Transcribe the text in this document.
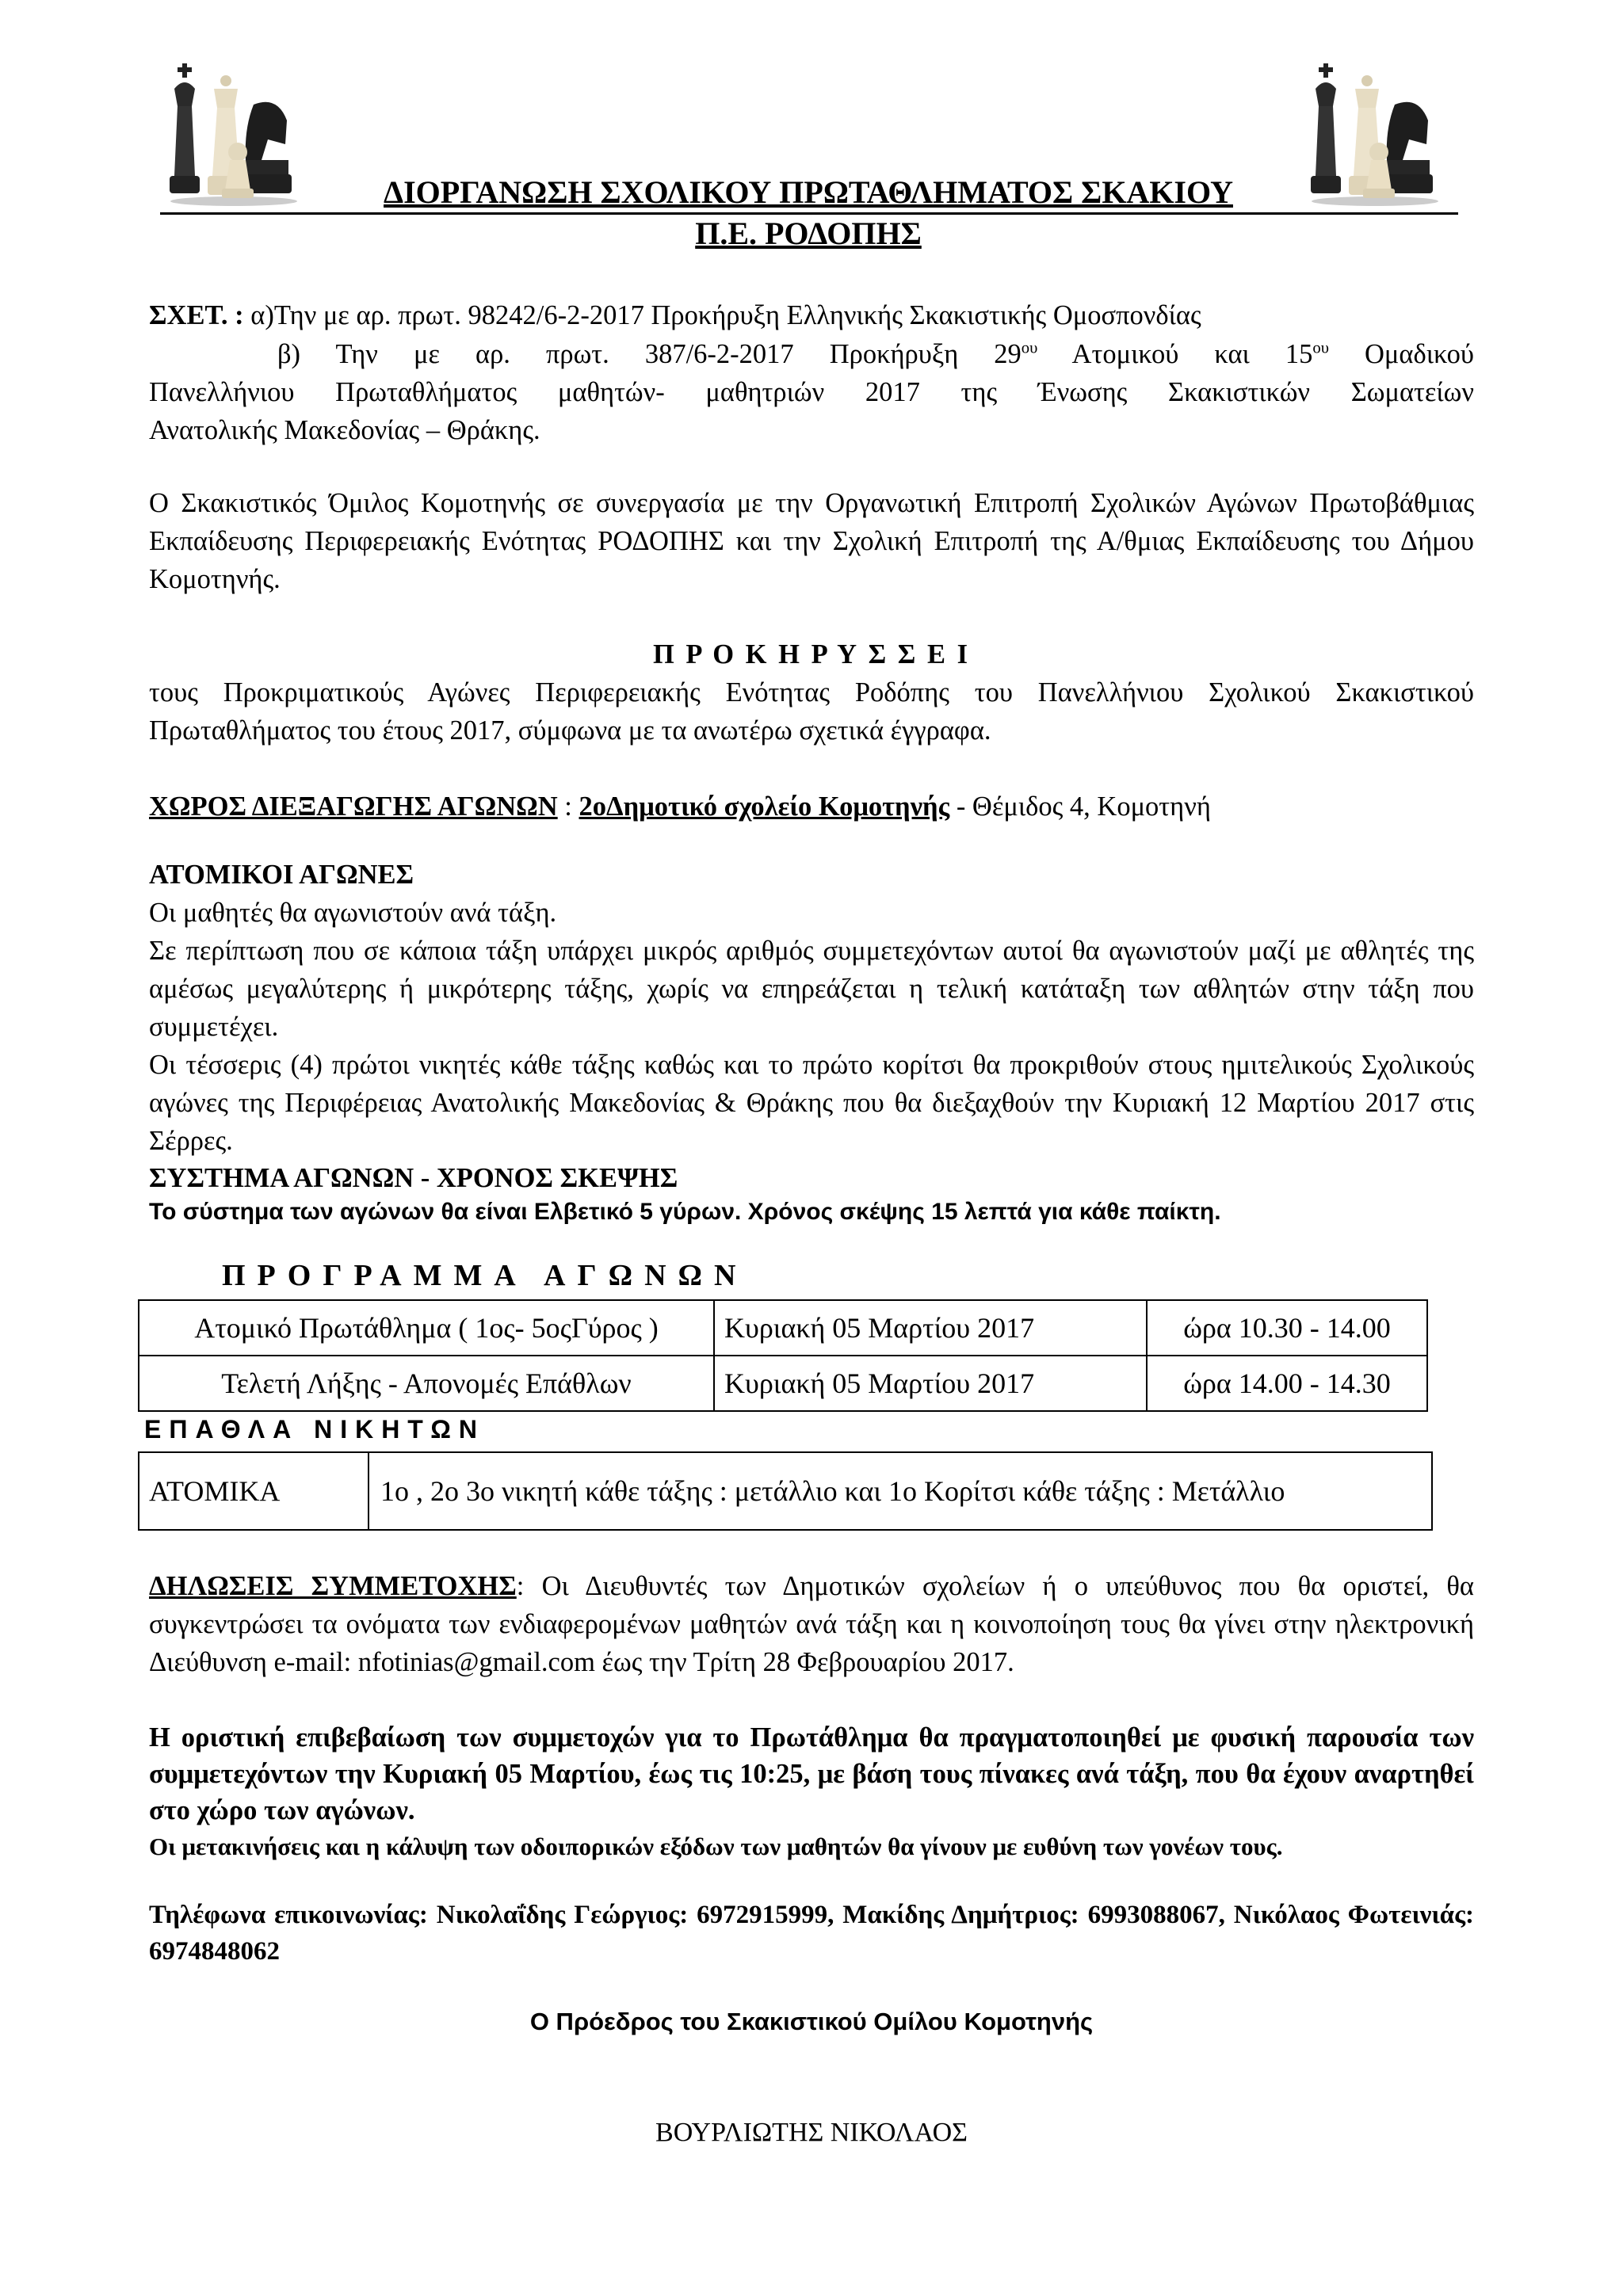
ΔΙΟΡΓΑΝΩΣΗ ΣΧΟΛΙΚΟΥ ΠΡΩΤΑΘΛΗΜΑΤΟΣ ΣΚΑΚΙΟΥ
Π.Ε. ΡΟΔΟΠΗΣ
ΣΧΕΤ. : α)Την με αρ. πρωτ. 98242/6-2-2017 Προκήρυξη Ελληνικής Σκακιστικής Ομοσπονδίας
β) Την με αρ. πρωτ. 387/6-2-2017 Προκήρυξη $29^{o\upsilon}$ Ατομικού και $15^{o\upsilon}$ Ομαδικού
Πανελλήνιου Πρωταθλήματος μαθητών- μαθητριών 2017 της Ένωσης Σκακιστικών Σωματείων
Ανατολικής Μακεδονίας – Θράκης.
Ο Σκακιστικός Όμιλος Κομοτηνής σε συνεργασία με την Οργανωτική Επιτροπή Σχολικών Αγώνων Πρωτοβάθμιας Εκπαίδευσης Περιφερειακής Ενότητας ΡΟΔΟΠΗΣ και την Σχολική Επιτροπή της Α/θμιας Εκπαίδευσης του Δήμου Κομοτηνής.
Π Ρ Ο Κ Η Ρ Υ Σ Σ Ε Ι
τους Προκριματικούς Αγώνες Περιφερειακής Ενότητας Ροδόπης του Πανελλήνιου Σχολικού Σκακιστικού Πρωταθλήματος του έτους 2017, σύμφωνα με τα ανωτέρω σχετικά έγγραφα.
ΧΩΡΟΣ ΔΙΕΞΑΓΩΓΗΣ ΑΓΩΝΩΝ : 2oΔημοτικό σχολείο Κομοτηνής - Θέμιδος 4, Κομοτηνή
ΑΤΟΜΙΚΟΙ ΑΓΩΝΕΣ
Οι μαθητές θα αγωνιστούν ανά τάξη.
Σε περίπτωση που σε κάποια τάξη υπάρχει μικρός αριθμός συμμετεχόντων αυτοί θα αγωνιστούν μαζί με αθλητές της αμέσως μεγαλύτερης ή μικρότερης τάξης, χωρίς να επηρεάζεται η τελική κατάταξη των αθλητών στην τάξη που συμμετέχει.
Οι τέσσερις (4) πρώτοι νικητές κάθε τάξης καθώς και το πρώτο κορίτσι θα προκριθούν στους ημιτελικούς Σχολικούς αγώνες της Περιφέρειας Ανατολικής Μακεδονίας & Θράκης που θα διεξαχθούν την Κυριακή 12 Μαρτίου 2017 στις Σέρρες.
ΣΥΣΤΗΜΑ ΑΓΩΝΩΝ - ΧΡΟΝΟΣ ΣΚΕΨΗΣ
Το σύστημα των αγώνων θα είναι Ελβετικό 5 γύρων. Χρόνος σκέψης 15 λεπτά για κάθε παίκτη.
ΠΡΟΓΡΑΜΜΑ ΑΓΩΝΩΝ
Ατομικό Πρωτάθλημα ( 1ος- 5οςΓύρος )	Κυριακή 05 Μαρτίου 2017	ώρα 10.30 - 14.00
Τελετή Λήξης - Απονομές Επάθλων	Κυριακή 05 Μαρτίου 2017	ώρα 14.00 - 14.30
ΕΠΑΘΛΑ ΝΙΚΗΤΩΝ
ΑΤΟΜΙΚΑ	1ο , 2ο 3ο νικητή κάθε τάξης : μετάλλιο και 1ο Κορίτσι κάθε τάξης : Μετάλλιο
ΔΗΛΩΣΕΙΣ ΣΥΜΜΕΤΟΧΗΣ: Οι Διευθυντές των Δημοτικών σχολείων ή ο υπεύθυνος που θα οριστεί, θα συγκεντρώσει τα ονόματα των ενδιαφερομένων μαθητών ανά τάξη και η κοινοποίηση τους θα γίνει στην ηλεκτρονική Διεύθυνση e-mail: nfotinias@gmail.com έως την Τρίτη 28 Φεβρουαρίου 2017.
Η οριστική επιβεβαίωση των συμμετοχών για το Πρωτάθλημα θα πραγματοποιηθεί με φυσική παρουσία των συμμετεχόντων την Κυριακή 05 Μαρτίου, έως τις 10:25, με βάση τους πίνακες ανά τάξη, που θα έχουν αναρτηθεί στο χώρο των αγώνων.
Οι μετακινήσεις και η κάλυψη των οδοιπορικών εξόδων των μαθητών θα γίνουν με ευθύνη των γονέων τους.
Τηλέφωνα επικοινωνίας: Νικολαΐδης Γεώργιος: 6972915999, Μακίδης Δημήτριος: 6993088067, Νικόλαος Φωτεινιάς: 6974848062
Ο Πρόεδρος του Σκακιστικού Ομίλου Κομοτηνής
ΒΟΥΡΛΙΩΤΗΣ ΝΙΚΟΛΑΟΣ
